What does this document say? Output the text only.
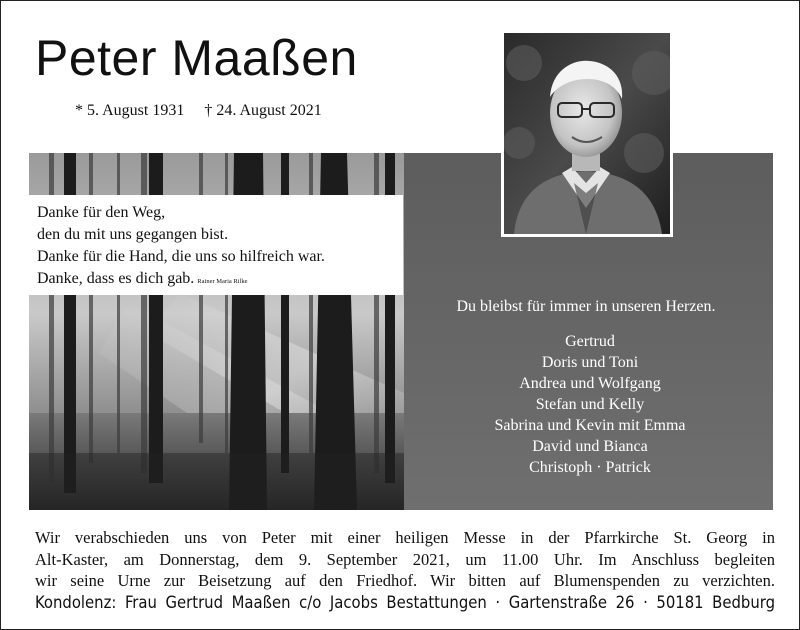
Peter Maaßen
* 5. August 1931 † 24. August 2021

Danke für den Weg,

den du mit uns gegangen bist.

Danke für die Hand, die uns so hilfreich war.

Danke, dass es dich gab. Rainer Maria Rilke

Du bleibst für immer in unseren Herzen.
Gertrud
Doris und Toni
Andrea und Wolfgang
Stefan und Kelly
Sabrina und Kevin mit Emma
David und Bianca
Christoph · Patrick

Wir verabschieden uns von Peter mit einer heiligen Messe in der Pfarrkirche St. Georg in

Alt-Kaster, am Donnerstag, dem 9. September 2021, um 11.00 Uhr. Im Anschluss begleiten

wir seine Urne zur Beisetzung auf den Friedhof. Wir bitten auf Blumenspenden zu verzichten.

Kondolenz: Frau Gertrud Maaßen c/o Jacobs Bestattungen · Gartenstraße 26 · 50181 Bedburg
